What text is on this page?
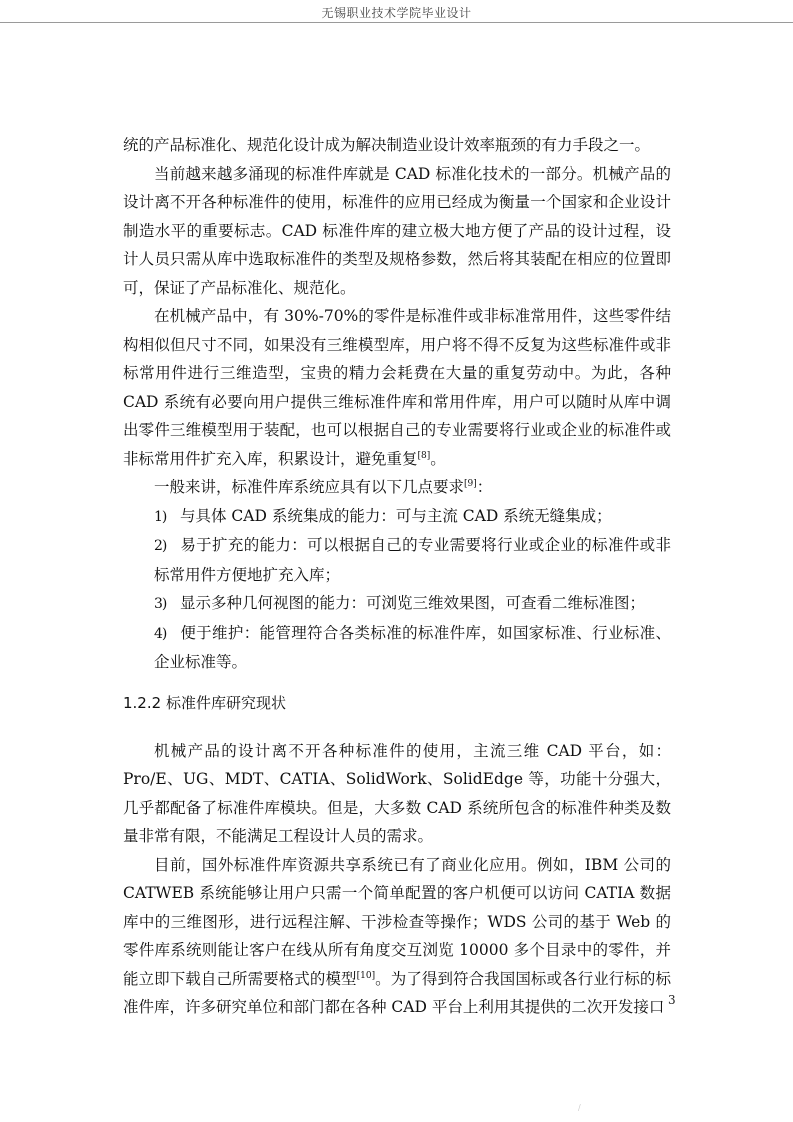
无锡职业技术学院毕业设计

统的产品标准化、规范化设计成为解决制造业设计效率瓶颈的有力手段之一。

当前越来越多涌现的标准件库就是 CAD 标准化技术的一部分。机械产品的设计离不开各种标准件的使用，标准件的应用已经成为衡量一个国家和企业设计制造水平的重要标志。CAD 标准件库的建立极大地方便了产品的设计过程，设计人员只需从库中选取标准件的类型及规格参数，然后将其装配在相应的位置即可，保证了产品标准化、规范化。

在机械产品中，有 30%-70%的零件是标准件或非标准常用件，这些零件结构相似但尺寸不同，如果没有三维模型库，用户将不得不反复为这些标准件或非标常用件进行三维造型，宝贵的精力会耗费在大量的重复劳动中。为此，各种 CAD 系统有必要向用户提供三维标准件库和常用件库，用户可以随时从库中调出零件三维模型用于装配，也可以根据自己的专业需要将行业或企业的标准件或非标常用件扩充入库，积累设计，避免重复[8]。

一般来讲，标准件库系统应具有以下几点要求[9]：

1) 与具体 CAD 系统集成的能力：可与主流 CAD 系统无缝集成；

2) 易于扩充的能力：可以根据自己的专业需要将行业或企业的标准件或非标常用件方便地扩充入库；

3) 显示多种几何视图的能力：可浏览三维效果图，可查看二维标准图；

4) 便于维护：能管理符合各类标准的标准件库，如国家标准、行业标准、企业标准等。

1.2.2 标准件库研究现状

机械产品的设计离不开各种标准件的使用，主流三维 CAD 平台，如：Pro/E、UG、MDT、CATIA、SolidWork、SolidEdge 等，功能十分强大，几乎都配备了标准件库模块。但是，大多数 CAD 系统所包含的标准件种类及数量非常有限，不能满足工程设计人员的需求。

目前，国外标准件库资源共享系统已有了商业化应用。例如，IBM 公司的 CATWEB 系统能够让用户只需一个简单配置的客户机便可以访问 CATIA 数据库中的三维图形，进行远程注解、干涉检查等操作；WDS 公司的基于 Web 的零件库系统则能让客户在线从所有角度交互浏览 10000 多个目录中的零件，并能立即下载自己所需要格式的模型[10]。为了得到符合我国国标或各行业行标的标准件库，许多研究单位和部门都在各种 CAD 平台上利用其提供的二次开发接口 3
/
